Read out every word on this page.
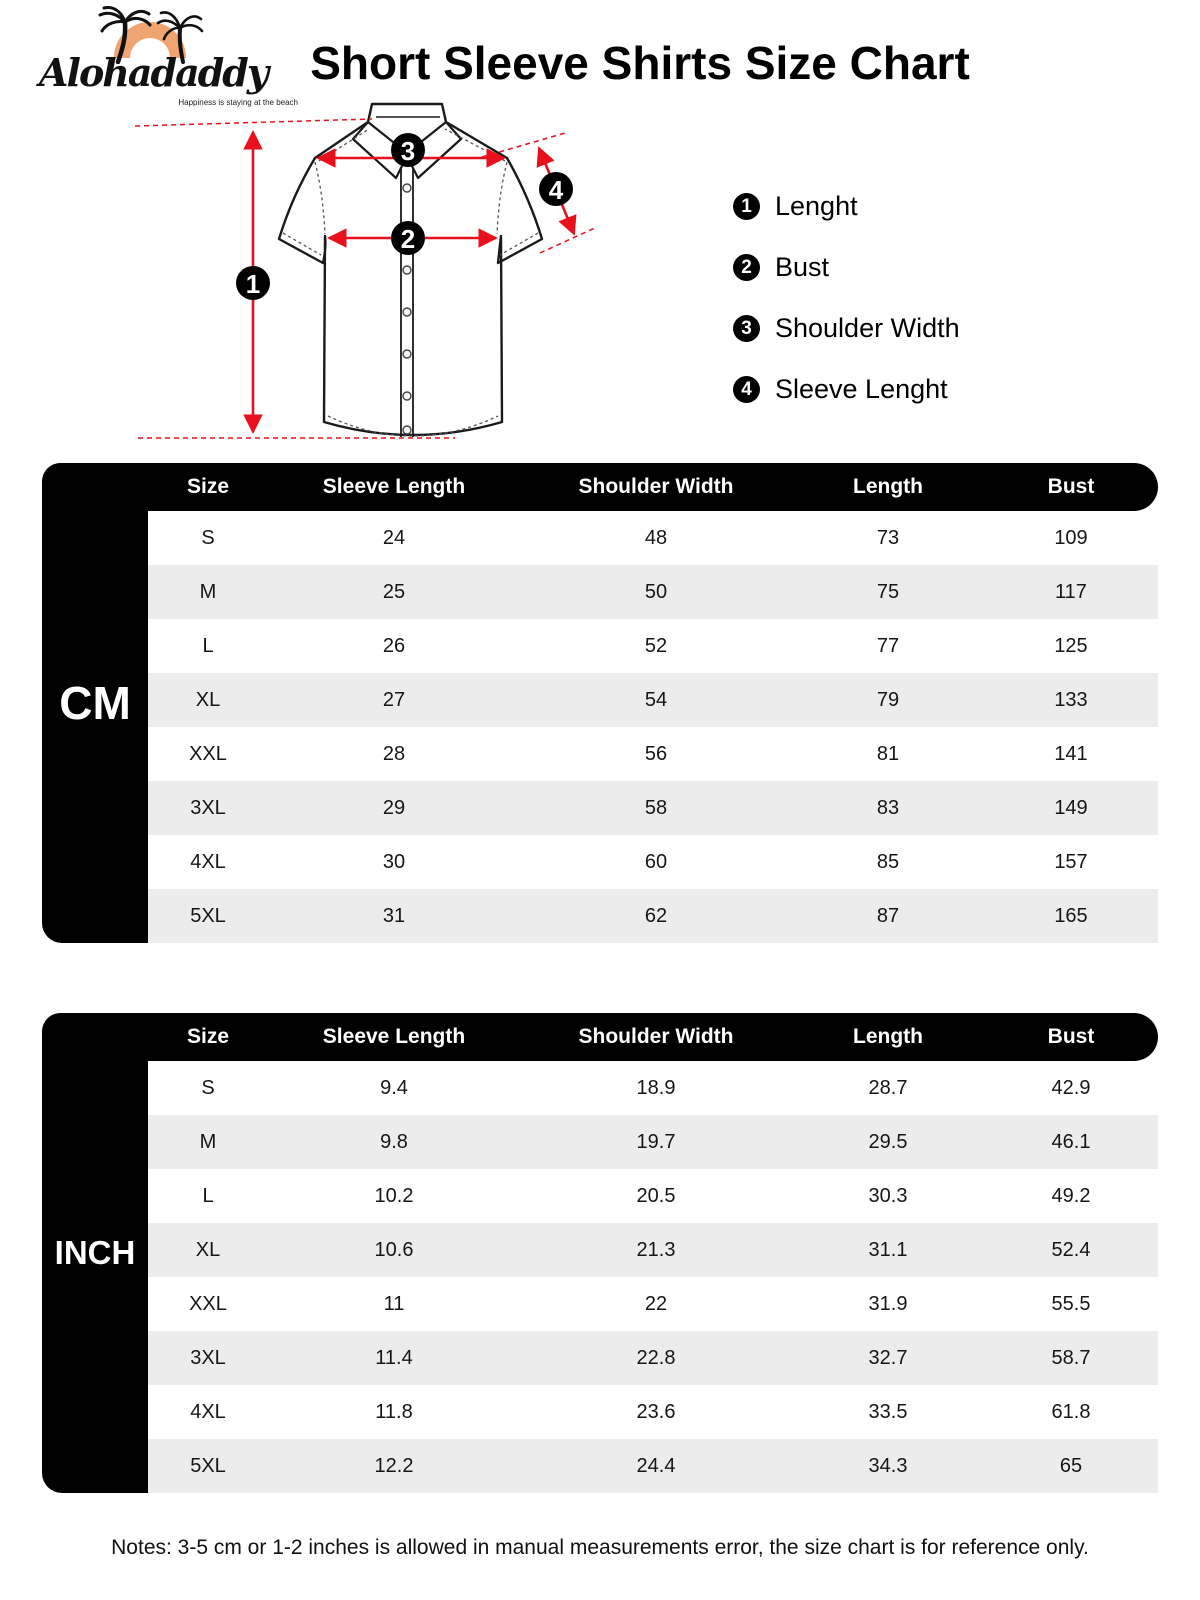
Alohadaddy
Happiness is staying at the beach
Short Sleeve Shirts Size Chart
1
3
2
4
1 Lenght
2 Bust
3 Shoulder Width
4 Sleeve Lenght
CM
Size	Sleeve Length	Shoulder Width	Length	Bust
S	24	48	73	109
M	25	50	75	117
L	26	52	77	125
XL	27	54	79	133
XXL	28	56	81	141
3XL	29	58	83	149
4XL	30	60	85	157
5XL	31	62	87	165
INCH
Size	Sleeve Length	Shoulder Width	Length	Bust
S	9.4	18.9	28.7	42.9
M	9.8	19.7	29.5	46.1
L	10.2	20.5	30.3	49.2
XL	10.6	21.3	31.1	52.4
XXL	11	22	31.9	55.5
3XL	11.4	22.8	32.7	58.7
4XL	11.8	23.6	33.5	61.8
5XL	12.2	24.4	34.3	65
Notes: 3-5 cm or 1-2 inches is allowed in manual measurements error, the size chart is for reference only.
